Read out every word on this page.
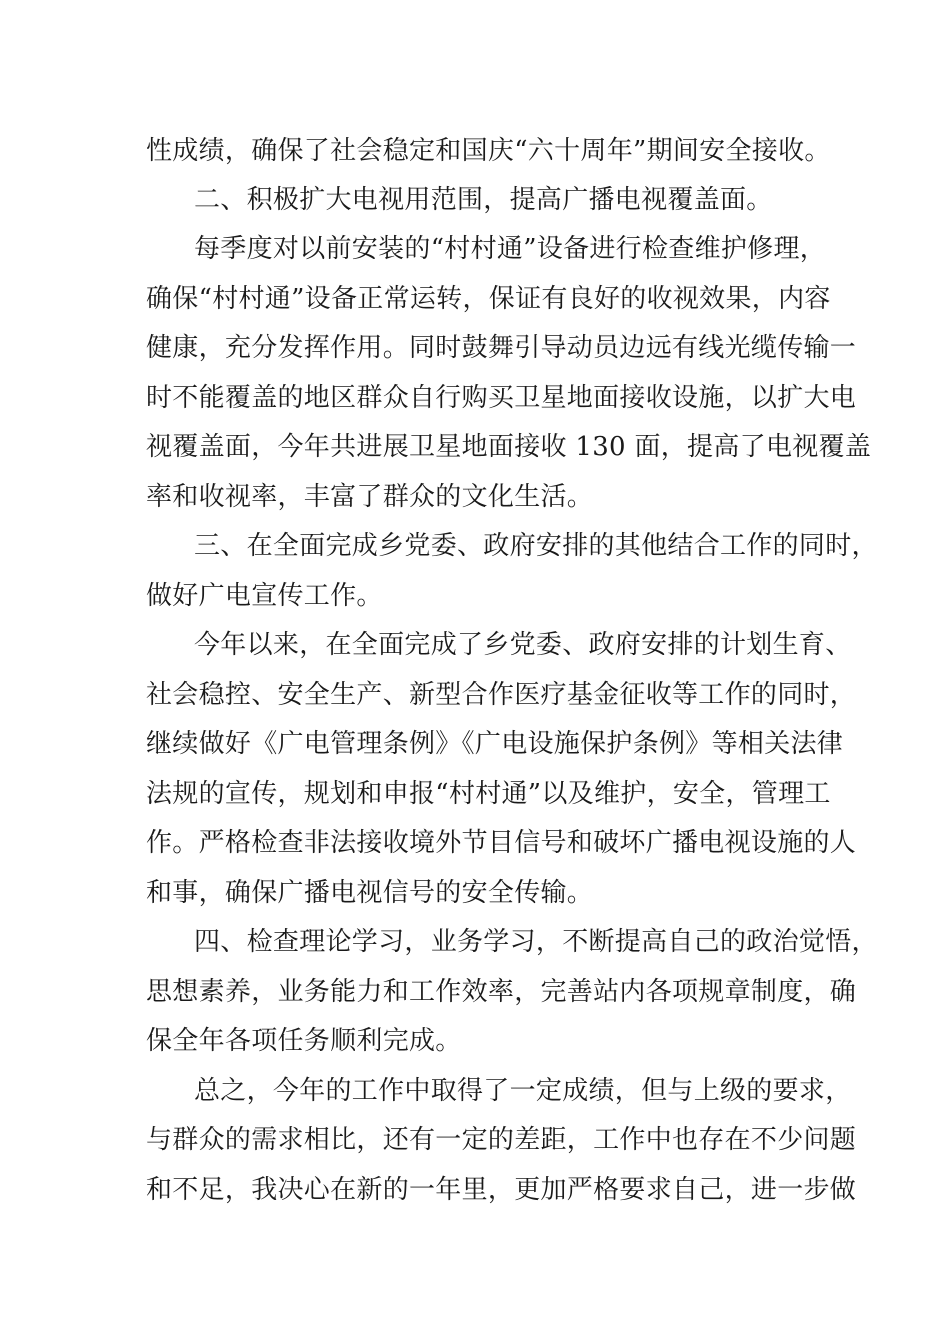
性成绩，确保了社会稳定和国庆“六十周年”期间安全接收。
二、积极扩大电视用范围，提高广播电视覆盖面。
每季度对以前安装的“村村通”设备进行检查维护修理，
确保“村村通”设备正常运转，保证有良好的收视效果，内容
健康，充分发挥作用。同时鼓舞引导动员边远有线光缆传输一
时不能覆盖的地区群众自行购买卫星地面接收设施，以扩大电
视覆盖面，今年共进展卫星地面接收 130 面，提高了电视覆盖
率和收视率，丰富了群众的文化生活。
三、在全面完成乡党委、政府安排的其他结合工作的同时，
做好广电宣传工作。
今年以来，在全面完成了乡党委、政府安排的计划生育、
社会稳控、安全生产、新型合作医疗基金征收等工作的同时，
继续做好《广电管理条例》《广电设施保护条例》等相关法律
法规的宣传，规划和申报“村村通”以及维护，安全，管理工
作。严格检查非法接收境外节目信号和破坏广播电视设施的人
和事，确保广播电视信号的安全传输。
四、检查理论学习，业务学习，不断提高自己的政治觉悟，
思想素养，业务能力和工作效率，完善站内各项规章制度，确
保全年各项任务顺利完成。
总之，今年的工作中取得了一定成绩，但与上级的要求，
与群众的需求相比，还有一定的差距，工作中也存在不少问题
和不足，我决心在新的一年里，更加严格要求自己，进一步做
